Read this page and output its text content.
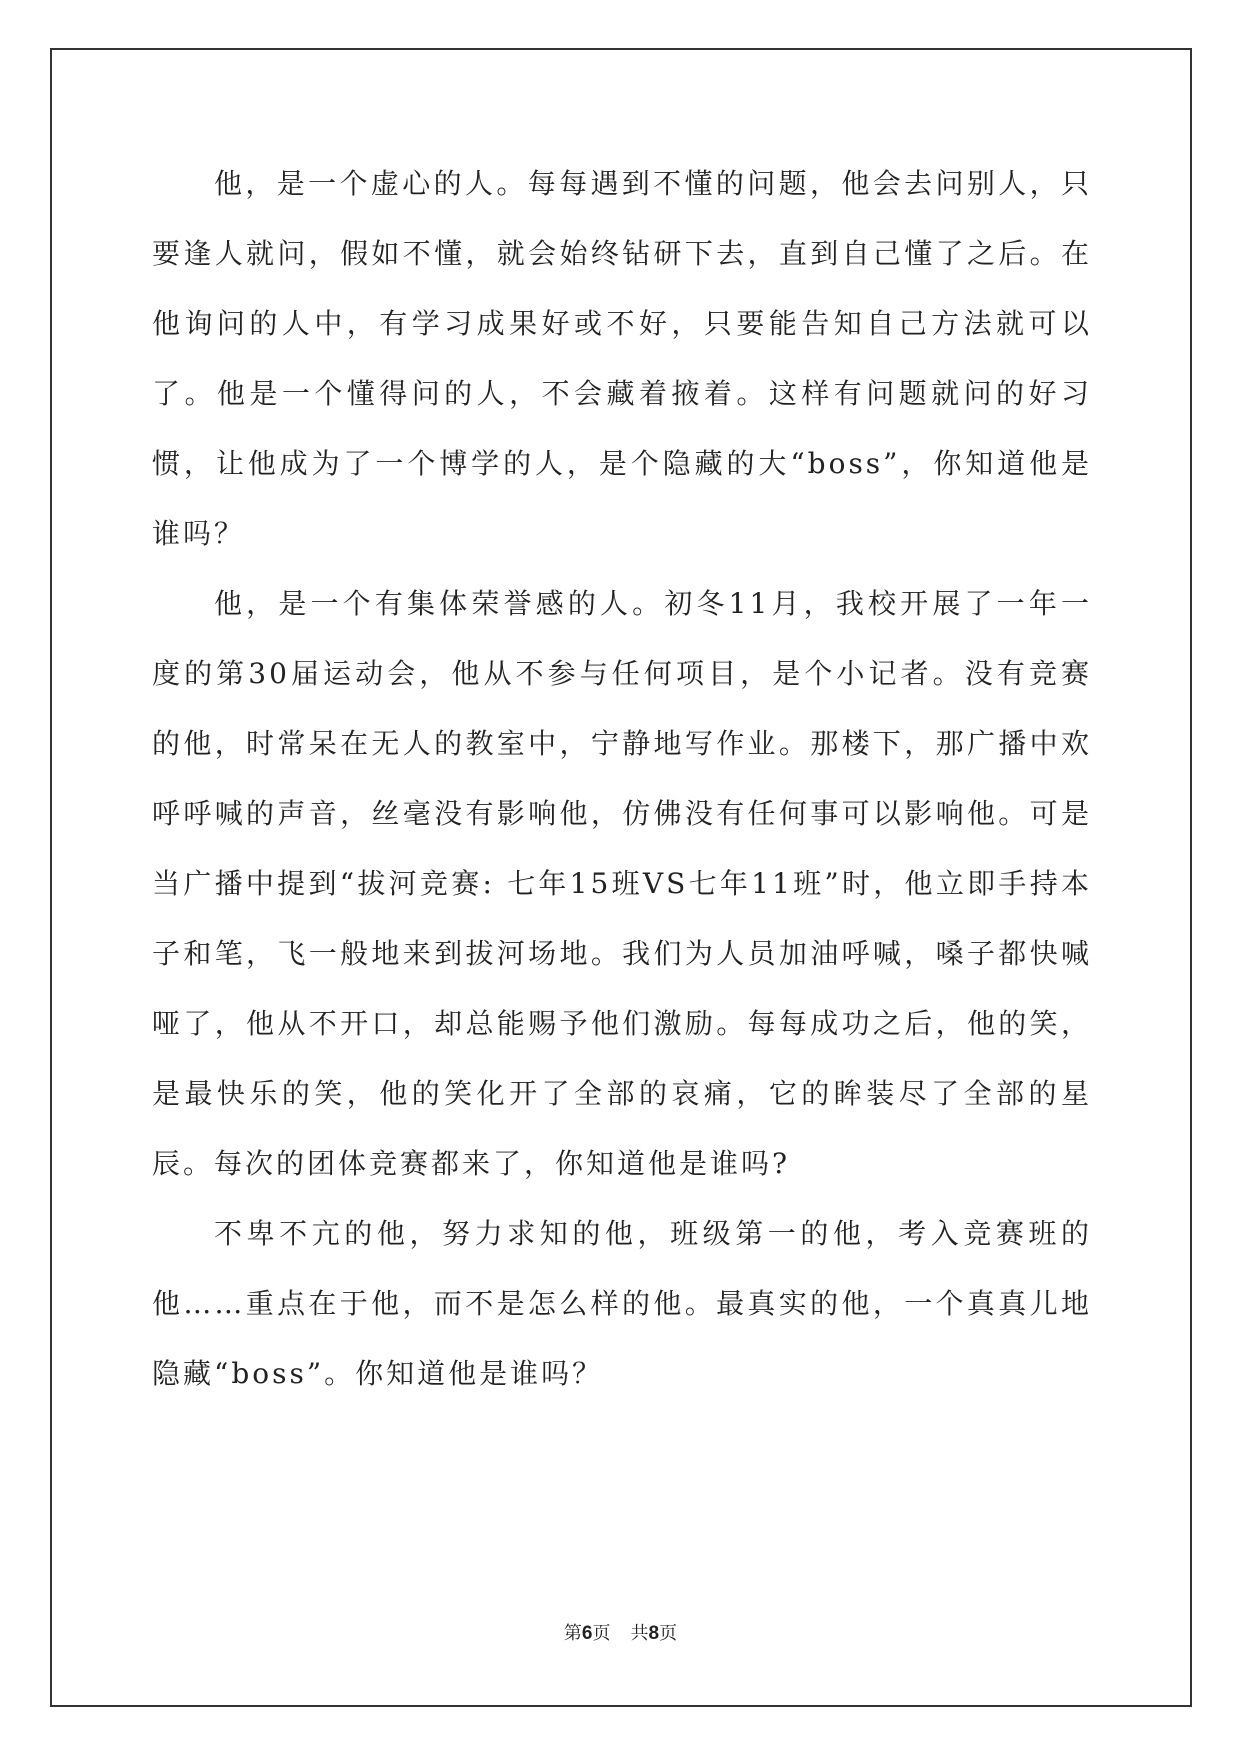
他，是一个虚心的人。每每遇到不懂的问题，他会去问别人，只要逢人就问，假如不懂，就会始终钻研下去，直到自己懂了之后。在他询问的人中，有学习成果好或不好，只要能告知自己方法就可以了。他是一个懂得问的人，不会藏着掖着。这样有问题就问的好习惯，让他成为了一个博学的人，是个隐藏的大“boss”，你知道他是谁吗？

他，是一个有集体荣誉感的人。初冬11月，我校开展了一年一度的第30届运动会，他从不参与任何项目，是个小记者。没有竞赛的他，时常呆在无人的教室中，宁静地写作业。那楼下，那广播中欢呼呼喊的声音，丝毫没有影响他，仿佛没有任何事可以影响他。可是当广播中提到“拔河竞赛: 七年15班VS七年11班”时，他立即手持本子和笔，飞一般地来到拔河场地。我们为人员加油呼喊，嗓子都快喊哑了，他从不开口，却总能赐予他们激励。每每成功之后，他的笑，是最快乐的笑，他的笑化开了全部的哀痛，它的眸装尽了全部的星辰。每次的团体竞赛都来了，你知道他是谁吗?

不卑不亢的他，努力求知的他，班级第一的他，考入竞赛班的他……重点在于他，而不是怎么样的他。最真实的他，一个真真儿地隐藏“boss”。你知道他是谁吗？

第6页 共8页
